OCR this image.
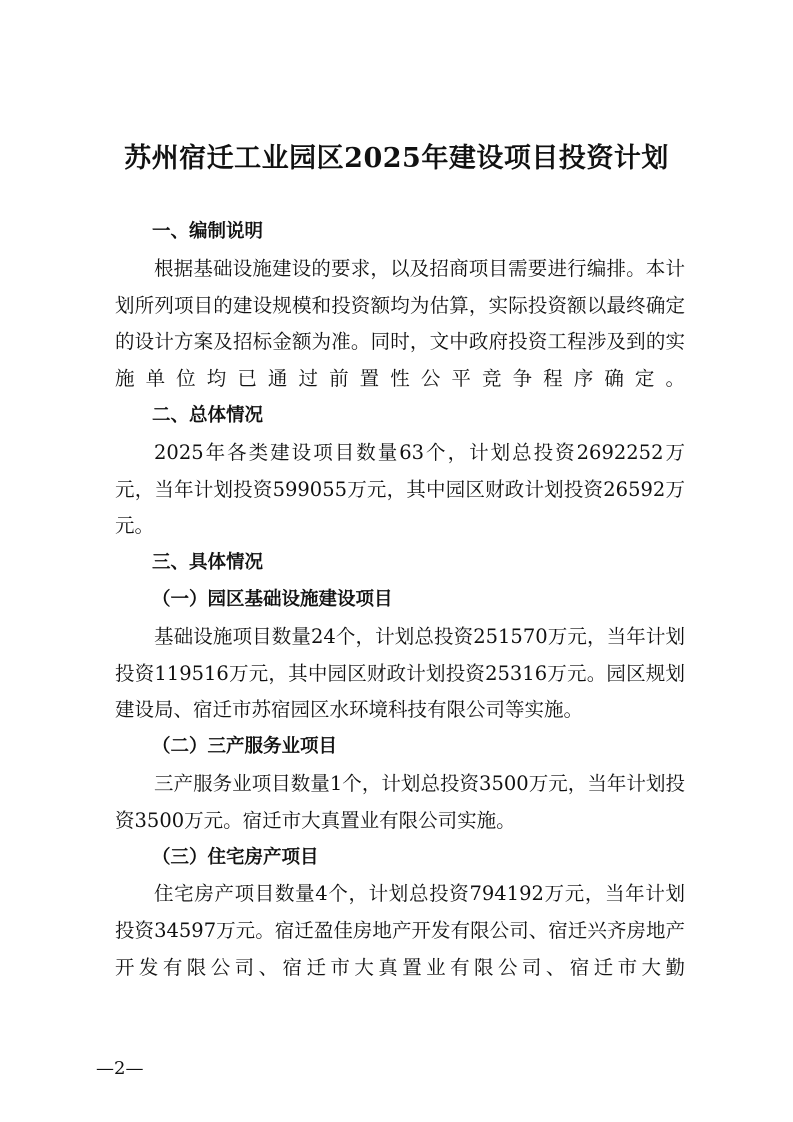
苏州宿迁工业园区2025年建设项目投资计划

一、编制说明

根据基础设施建设的要求，以及招商项目需要进行编排。本计划所列项目的建设规模和投资额均为估算，实际投资额以最终确定的设计方案及招标金额为准。同时，文中政府投资工程涉及到的实施单位均已通过前置性公平竞争程序确定。

二、总体情况

2025年各类建设项目数量63个，计划总投资2692252万元，当年计划投资599055万元，其中园区财政计划投资26592万元。

三、具体情况

（一）园区基础设施建设项目

基础设施项目数量24个，计划总投资251570万元，当年计划投资119516万元，其中园区财政计划投资25316万元。园区规划建设局、宿迁市苏宿园区水环境科技有限公司等实施。

（二）三产服务业项目

三产服务业项目数量1个，计划总投资3500万元，当年计划投资3500万元。宿迁市大真置业有限公司实施。

（三）住宅房产项目

住宅房产项目数量4个，计划总投资794192万元，当年计划投资34597万元。宿迁盈佳房地产开发有限公司、宿迁兴齐房地产开发有限公司、宿迁市大真置业有限公司、宿迁市大勤

—2—
